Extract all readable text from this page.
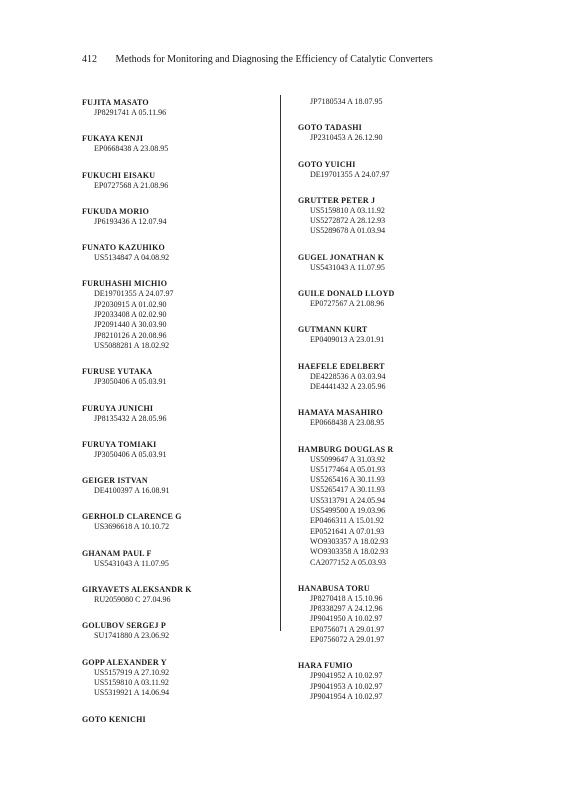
412 Methods for Monitoring and Diagnosing the Efficiency of Catalytic Converters
FUJITA MASATO
JP8291741 A 05.11.96
FUKAYA KENJI
EP0668438 A 23.08.95
FUKUCHI EISAKU
EP0727568 A 21.08.96
FUKUDA MORIO
JP6193436 A 12.07.94
FUNATO KAZUHIKO
US5134847 A 04.08.92
FURUHASHI MICHIO
DE19701355 A 24.07.97
JP2030915 A 01.02.90
JP2033408 A 02.02.90
JP2091440 A 30.03.90
JP8210126 A 20.08.96
US5088281 A 18.02.92
FURUSE YUTAKA
JP3050406 A 05.03.91
FURUYA JUNICHI
JP8135432 A 28.05.96
FURUYA TOMIAKI
JP3050406 A 05.03.91
GEIGER ISTVAN
DE4100397 A 16.08.91
GERHOLD CLARENCE G
US3696618 A 10.10.72
GHANAM PAUL F
US5431043 A 11.07.95
GIRYAVETS ALEKSANDR K
RU2059080 C 27.04.96
GOLUBOV SERGEJ P
SU1741880 A 23.06.92
GOPP ALEXANDER Y
US5157919 A 27.10.92
US5159810 A 03.11.92
US5319921 A 14.06.94
GOTO KENICHI
JP7180534 A 18.07.95
GOTO TADASHI
JP2310453 A 26.12.90
GOTO YUICHI
DE19701355 A 24.07.97
GRUTTER PETER J
US5159810 A 03.11.92
US5272872 A 28.12.93
US5289678 A 01.03.94
GUGEL JONATHAN K
US5431043 A 11.07.95
GUILE DONALD LLOYD
EP0727567 A 21.08.96
GUTMANN KURT
EP0409013 A 23.01.91
HAEFELE EDELBERT
DE4228536 A 03.03.94
DE4441432 A 23.05.96
HAMAYA MASAHIRO
EP0668438 A 23.08.95
HAMBURG DOUGLAS R
US5099647 A 31.03.92
US5177464 A 05.01.93
US5265416 A 30.11.93
US5265417 A 30.11.93
US5313791 A 24.05.94
US5499500 A 19.03.96
EP0466311 A 15.01.92
EP0521641 A 07.01.93
WO9303357 A 18.02.93
WO9303358 A 18.02.93
CA2077152 A 05.03.93
HANABUSA TORU
JP8270418 A 15.10.96
JP8338297 A 24.12.96
JP9041950 A 10.02.97
EP0756071 A 29.01.97
EP0756072 A 29.01.97
HARA FUMIO
JP9041952 A 10.02.97
JP9041953 A 10.02.97
JP9041954 A 10.02.97
